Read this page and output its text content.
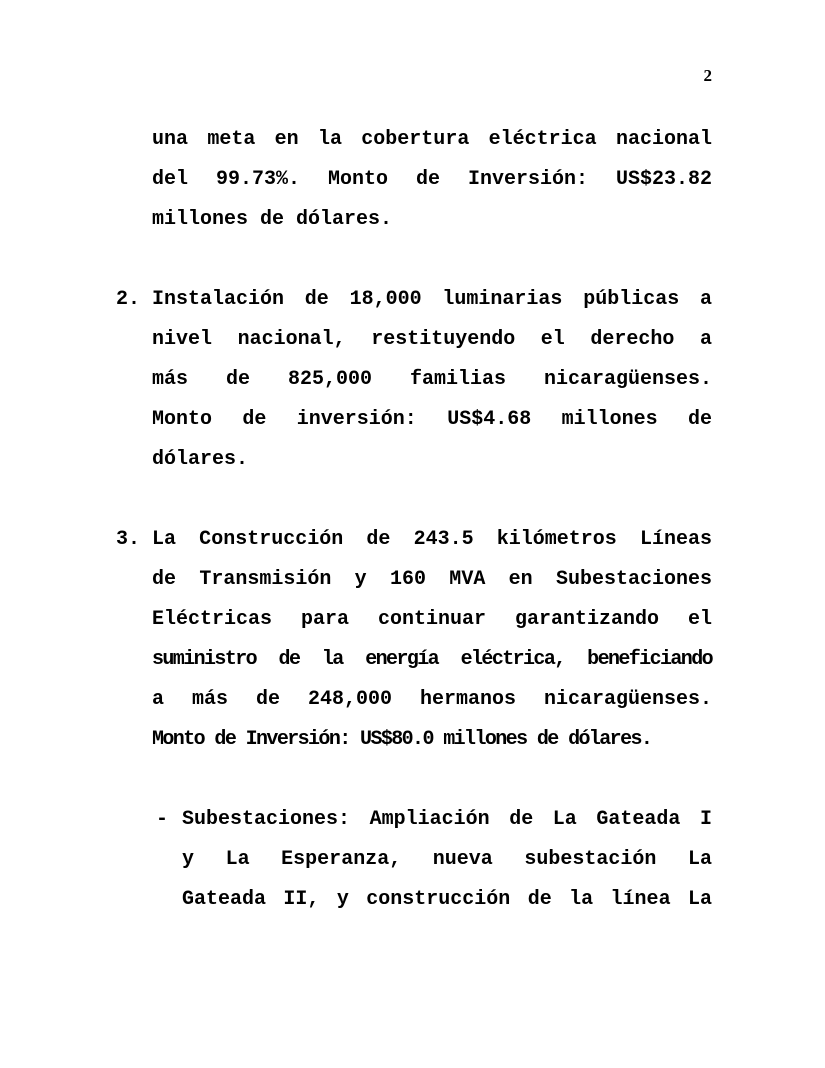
2
una meta en la cobertura eléctrica nacional
del 99.73%. Monto de Inversión: US$23.82
millones de dólares.
2. Instalación de 18,000 luminarias públicas a
nivel nacional, restituyendo el derecho a
más de 825,000 familias nicaragüenses.
Monto de inversión: US$4.68 millones de
dólares.
3. La Construcción de 243.5 kilómetros Líneas
de Transmisión y 160 MVA en Subestaciones
Eléctricas para continuar garantizando el
suministro de la energía eléctrica, beneficiando
a más de 248,000 hermanos nicaragüenses.
Monto de Inversión: US$80.0 millones de dólares.
- Subestaciones: Ampliación de La Gateada I
y La Esperanza, nueva subestación La
Gateada II, y construcción de la línea La
